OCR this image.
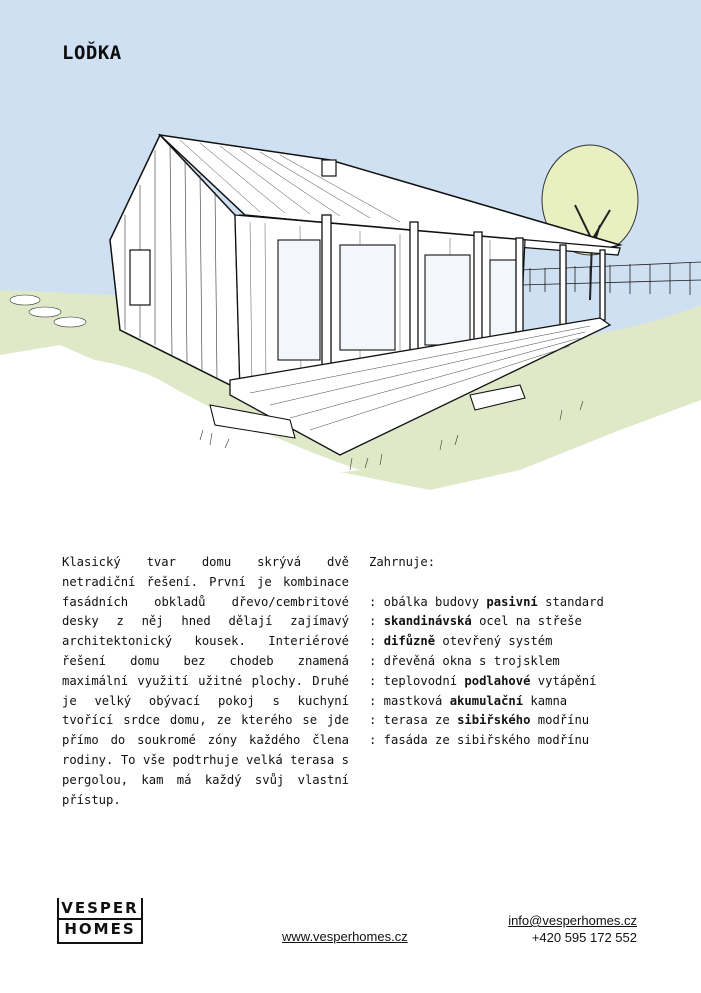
LOĎKA
Klasický tvar domu skrývá dvě netradiční řešení. První je kombinace fasádních obkladů dřevo/cembritové desky z něj hned dělají zajímavý architektonický kousek. Interiérové řešení domu bez chodeb znamená maximální využití užitné plochy. Druhé je velký obývací pokoj s kuchyní tvořící srdce domu, ze kterého se jde přímo do soukromé zóny každého člena rodiny. To vše podtrhuje velká terasa s pergolou, kam má každý svůj vlastní přístup.
Zahrnuje:
: obálka budovy pasivní standard
: skandinávská ocel na střeše
: difůzně otevřený systém
: dřevěná okna s trojsklem
: teplovodní podlahové vytápění
: mastková akumulační kamna
: terasa ze sibiřského modřínu
: fasáda ze sibiřského modřínu
VESPER
HOMES	www.vesperhomes.cz
info@vesperhomes.cz
+420 595 172 552
